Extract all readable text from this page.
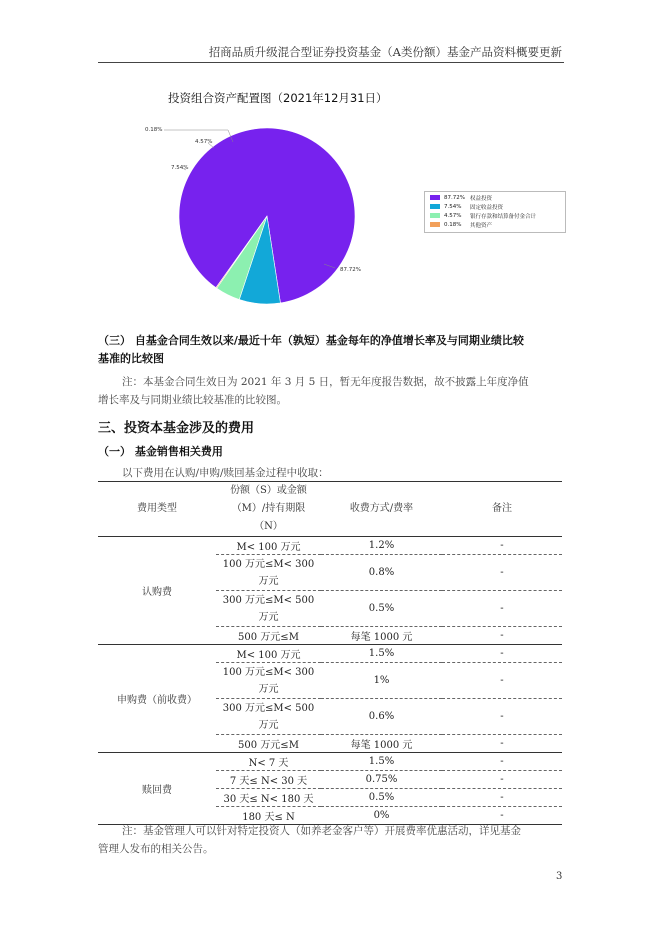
招商品质升级混合型证券投资基金（A类份额）基金产品资料概要更新
投资组合资产配置图（2021年12月31日）
87.72%
7.54%
4.57%
0.18%
87.72% 权益投资
7.54%	固定收益投资
4.57%	银行存款和结算备付金合计
0.18%	其他资产
（三） 自基金合同生效以来/最近十年（孰短）基金每年的净值增长率及与同期业绩比较
基准的比较图
注：本基金合同生效日为 2021 年 3 月 5 日，暂无年度报告数据，故不披露上年度净值
增长率及与同期业绩比较基准的比较图。
三、投资本基金涉及的费用
（一） 基金销售相关费用
以下费用在认购/申购/赎回基金过程中收取：
费用类型	份额（S）或金额
（M）/持有期限
（N）	收费方式/费率	备注
认购费	M< 100 万元	1.2%	-

	100 万元≤M< 300
万元	0.8%	-

	300 万元≤M< 500
万元	0.5%	-
	500 万元≤M	每笔 1000 元	-
申购费（前收费）	M< 100 万元	1.5%	-

	100 万元≤M< 300
万元	1%	-

	300 万元≤M< 500
万元	0.6%	-
	500 万元≤M	每笔 1000 元	-
赎回费	N< 7 天	1.5%	-
	7 天≤ N< 30 天	0.75%	-
	30 天≤ N< 180 天	0.5%	-
	180 天≤ N	0%	-
注：基金管理人可以针对特定投资人（如养老金客户等）开展费率优惠活动，详见基金
管理人发布的相关公告。
3
